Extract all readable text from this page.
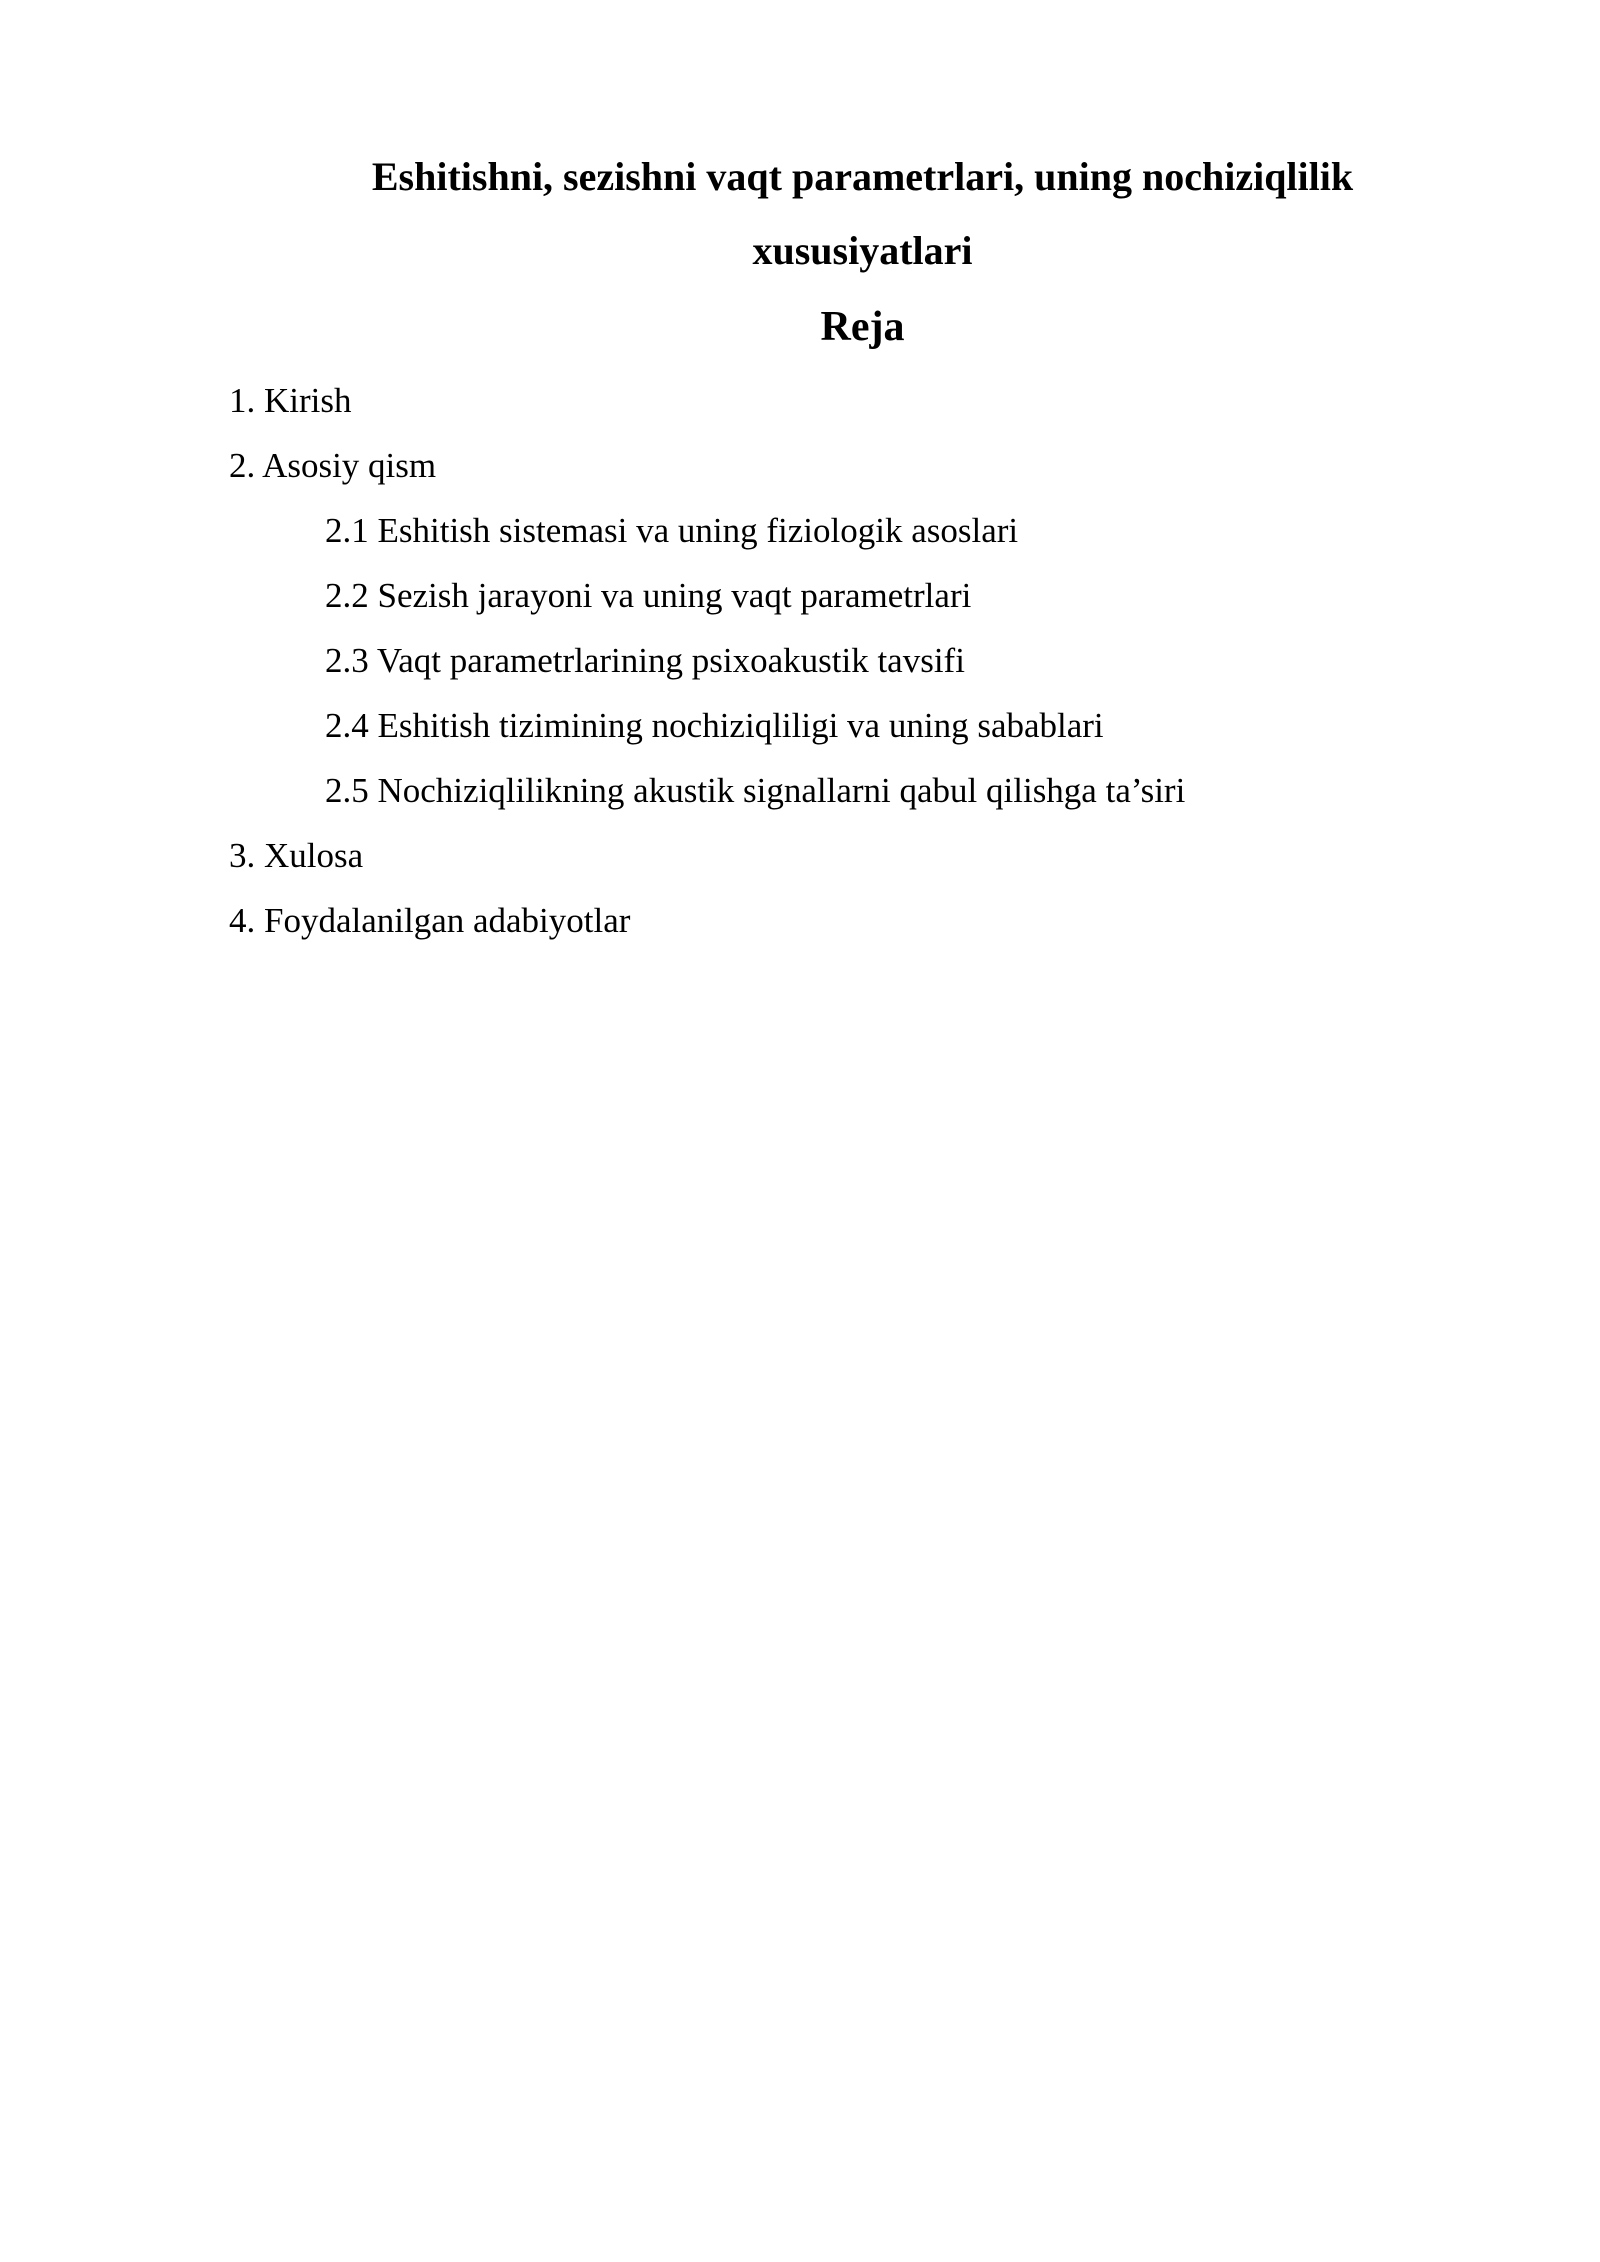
Eshitishni, sezishni vaqt parametrlari, uning nochiziqlilik
xususiyatlari
Reja
1. Kirish
2. Asosiy qism
2.1 Eshitish sistemasi va uning fiziologik asoslari
2.2 Sezish jarayoni va uning vaqt parametrlari
2.3 Vaqt parametrlarining psixoakustik tavsifi
2.4 Eshitish tizimining nochiziqliligi va uning sabablari
2.5 Nochiziqlilikning akustik signallarni qabul qilishga ta’siri
3. Xulosa
4. Foydalanilgan adabiyotlar
